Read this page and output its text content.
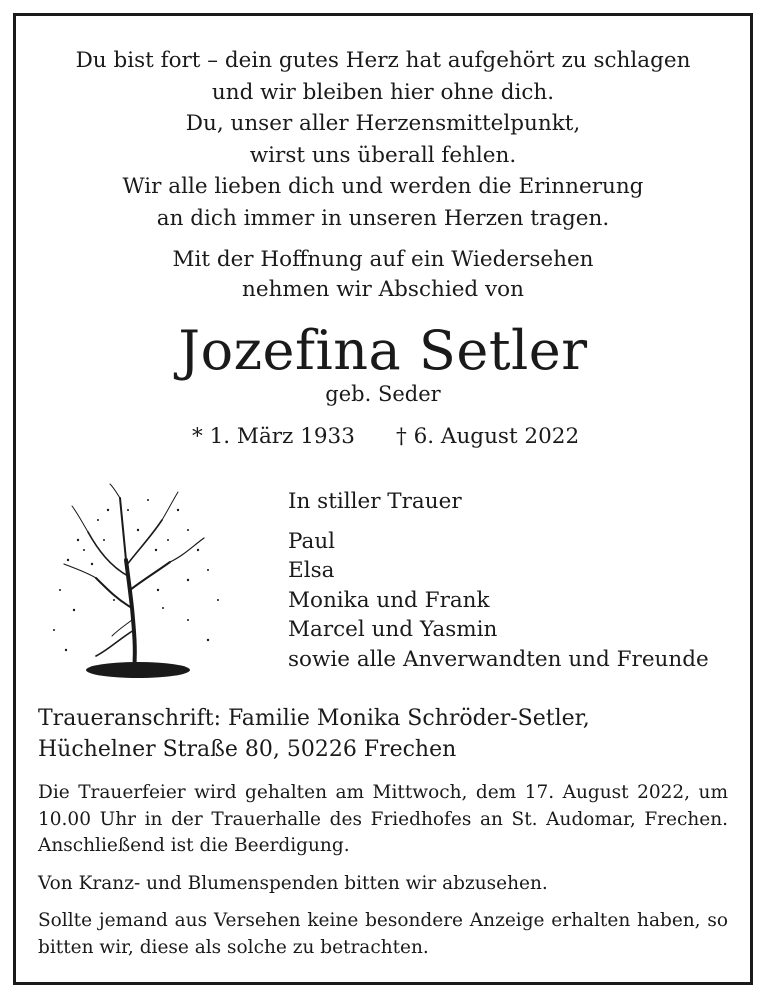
Du bist fort – dein gutes Herz hat aufgehört zu schlagen
und wir bleiben hier ohne dich.
Du, unser aller Herzensmittelpunkt,
wirst uns überall fehlen.
Wir alle lieben dich und werden die Erinnerung
an dich immer in unseren Herzen tragen.
Mit der Hoffnung auf ein Wiedersehen
nehmen wir Abschied von
Jozefina Setler
geb. Seder
* 1. März 1933 † 6. August 2022
In stiller Trauer
Paul
Elsa
Monika und Frank
Marcel und Yasmin
sowie alle Anverwandten und Freunde
Traueranschrift: Familie Monika Schröder-Setler,
Hüchelner Straße 80, 50226 Frechen
Die Trauerfeier wird gehalten am Mittwoch, dem 17. August 2022, um 10.00 Uhr in der Trauerhalle des Friedhofes an St. Audomar, Frechen. Anschließend ist die Beerdigung.
Von Kranz- und Blumenspenden bitten wir abzusehen.
Sollte jemand aus Versehen keine besondere Anzeige erhalten haben, so bitten wir, diese als solche zu betrachten.
